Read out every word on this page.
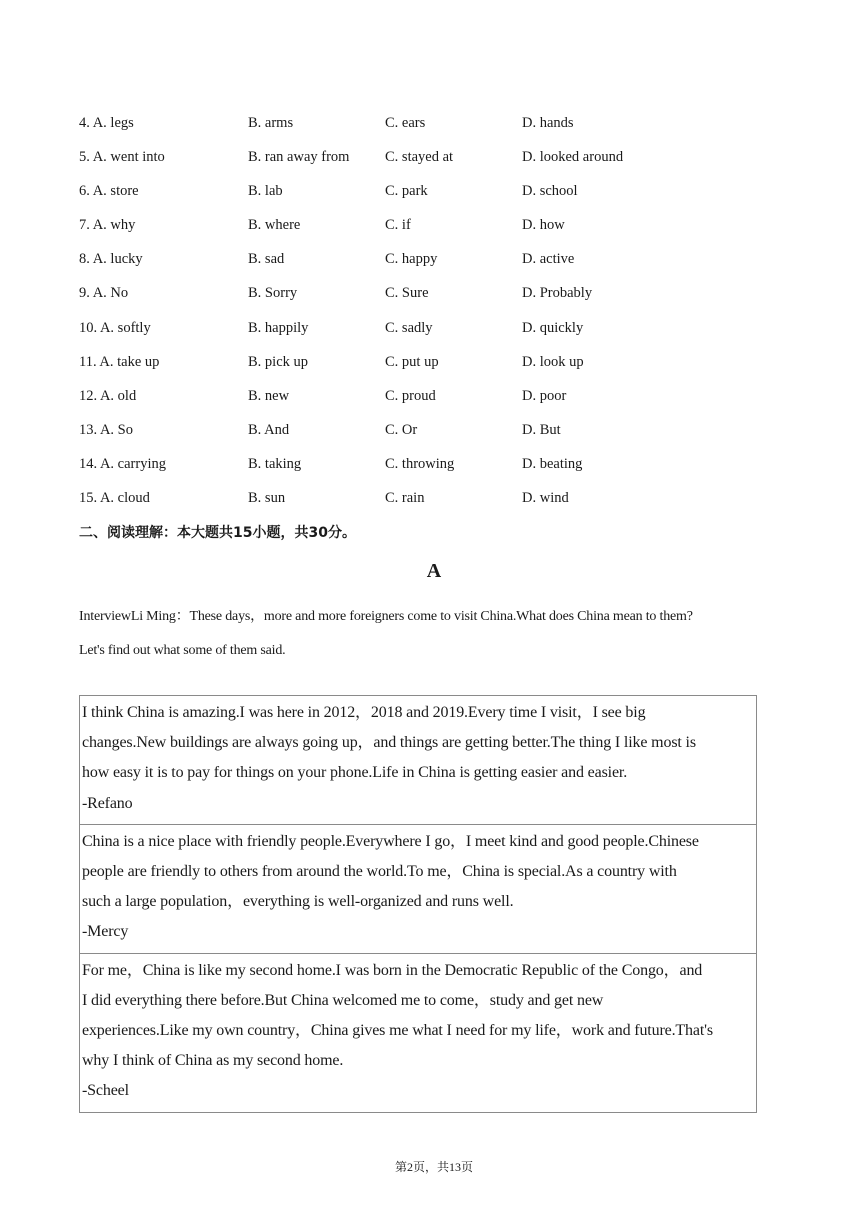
4. A. legs	B. arms	C. ears	D. hands
5. A. went into	B. ran away from C. stayed at	D. looked around
6. A. store	B. lab	C. park	D. school
7. A. why	B. where	C. if	D. how
8. A. lucky	B. sad	C. happy	D. active
9. A. No	B. Sorry	C. Sure	D. Probably
10. A. softly	B. happily	C. sadly	D. quickly
11. A. take up	B. pick up	C. put up	D. look up
12. A. old	B. new	C. proud	D. poor
13. A. So	B. And	C. Or	D. But
14. A. carrying	B. taking	C. throwing	D. beating
15. A. cloud	B. sun	C. rain	D. wind
二、阅读理解：本大题共15小题，共30分。
A

InterviewLi Ming：These days，more and more foreigners come to visit China.What does China mean to them?

Let's find out what some of them said.

I think China is amazing.I was here in 2012，2018 and 2019.Every time I visit，I see big

changes.New buildings are always going up，and things are getting better.The thing I like most is

how easy it is to pay for things on your phone.Life in China is getting easier and easier.

-Refano

China is a nice place with friendly people.Everywhere I go，I meet kind and good people.Chinese

people are friendly to others from around the world.To me，China is special.As a country with

such a large population，everything is well-organized and runs well.

-Mercy

For me，China is like my second home.I was born in the Democratic Republic of the Congo，and

I did everything there before.But China welcomed me to come，study and get new

experiences.Like my own country，China gives me what I need for my life，work and future.That's

why I think of China as my second home.

-Scheel

第2页，共13页
